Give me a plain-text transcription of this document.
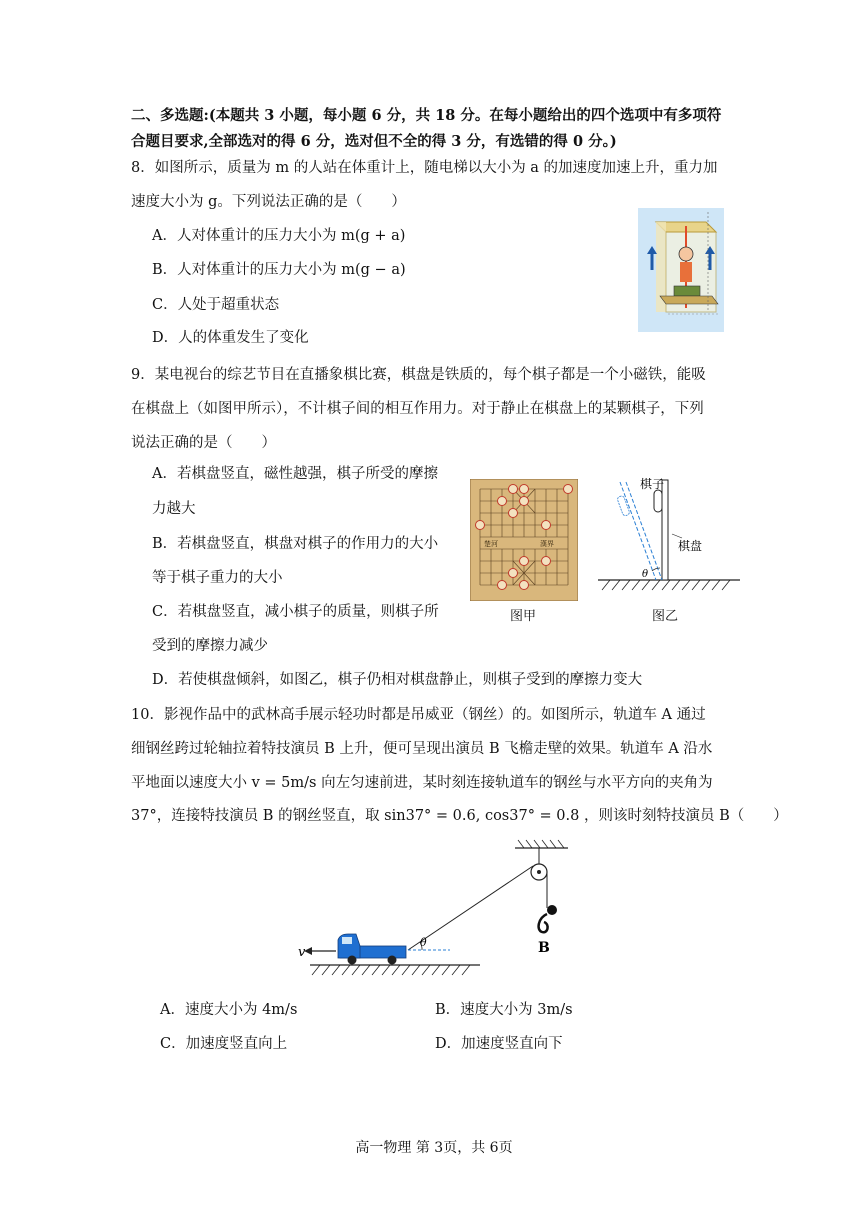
二、多选题:(本题共 3 小题，每小题 6 分，共 18 分。在每小题给出的四个选项中有多项符
合题目要求,全部选对的得 6 分，选对但不全的得 3 分，有选错的得 0 分。)
8．如图所示，质量为 m 的人站在体重计上，随电梯以大小为 a 的加速度加速上升，重力加
速度大小为 g。下列说法正确的是（　　）
A．人对体重计的压力大小为 m(g + a)
B．人对体重计的压力大小为 m(g − a)
C．人处于超重状态
D．人的体重发生了变化
9．某电视台的综艺节目在直播象棋比赛，棋盘是铁质的，每个棋子都是一个小磁铁，能吸
在棋盘上（如图甲所示），不计棋子间的相互作用力。对于静止在棋盘上的某颗棋子，下列
说法正确的是（　　）
A．若棋盘竖直，磁性越强，棋子所受的摩擦
力越大
B．若棋盘竖直，棋盘对棋子的作用力的大小
等于棋子重力的大小
C．若棋盘竖直，减小棋子的质量，则棋子所
受到的摩擦力减少
D．若使棋盘倾斜，如图乙，棋子仍相对棋盘静止，则棋子受到的摩擦力变大
楚河	漢界
图甲
θ
棋子
棋盘
图乙
10．影视作品中的武林高手展示轻功时都是吊威亚（钢丝）的。如图所示，轨道车 A 通过
细钢丝跨过轮轴拉着特技演员 B 上升，便可呈现出演员 B 飞檐走壁的效果。轨道车 A 沿水
平地面以速度大小 v = 5m/s 向左匀速前进，某时刻连接轨道车的钢丝与水平方向的夹角为
37°，连接特技演员 B 的钢丝竖直，取 sin37° = 0.6, cos37° = 0.8 ，则该时刻特技演员 B（　　）
B
θ
v
A．速度大小为 4m/s	B．速度大小为 3m/s
C．加速度竖直向上	D．加速度竖直向下
高一物理 第 3页，共 6页
